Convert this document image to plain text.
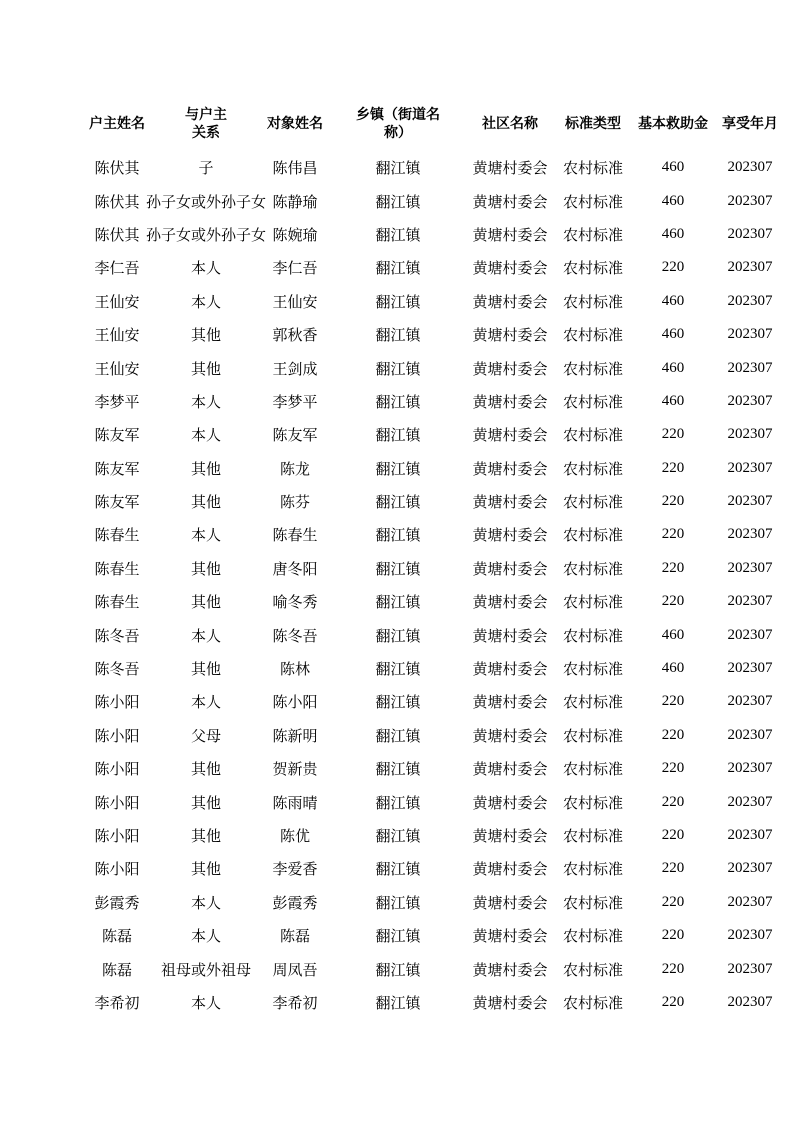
户主姓名	与户主关系	对象姓名	乡镇（街道名称）	社区名称	标准类型	基本救助金	享受年月
陈伏其	子	陈伟昌	翻江镇	黄塘村委会	农村标准	460	202307
陈伏其	孙子女或外孙子女	陈静瑜	翻江镇	黄塘村委会	农村标准	460	202307
陈伏其	孙子女或外孙子女	陈婉瑜	翻江镇	黄塘村委会	农村标准	460	202307
李仁吾	本人	李仁吾	翻江镇	黄塘村委会	农村标准	220	202307
王仙安	本人	王仙安	翻江镇	黄塘村委会	农村标准	460	202307
王仙安	其他	郭秋香	翻江镇	黄塘村委会	农村标准	460	202307
王仙安	其他	王剑成	翻江镇	黄塘村委会	农村标准	460	202307
李梦平	本人	李梦平	翻江镇	黄塘村委会	农村标准	460	202307
陈友军	本人	陈友军	翻江镇	黄塘村委会	农村标准	220	202307
陈友军	其他	陈龙	翻江镇	黄塘村委会	农村标准	220	202307
陈友军	其他	陈芬	翻江镇	黄塘村委会	农村标准	220	202307
陈春生	本人	陈春生	翻江镇	黄塘村委会	农村标准	220	202307
陈春生	其他	唐冬阳	翻江镇	黄塘村委会	农村标准	220	202307
陈春生	其他	喻冬秀	翻江镇	黄塘村委会	农村标准	220	202307
陈冬吾	本人	陈冬吾	翻江镇	黄塘村委会	农村标准	460	202307
陈冬吾	其他	陈林	翻江镇	黄塘村委会	农村标准	460	202307
陈小阳	本人	陈小阳	翻江镇	黄塘村委会	农村标准	220	202307
陈小阳	父母	陈新明	翻江镇	黄塘村委会	农村标准	220	202307
陈小阳	其他	贺新贵	翻江镇	黄塘村委会	农村标准	220	202307
陈小阳	其他	陈雨晴	翻江镇	黄塘村委会	农村标准	220	202307
陈小阳	其他	陈优	翻江镇	黄塘村委会	农村标准	220	202307
陈小阳	其他	李爱香	翻江镇	黄塘村委会	农村标准	220	202307
彭霞秀	本人	彭霞秀	翻江镇	黄塘村委会	农村标准	220	202307
陈磊	本人	陈磊	翻江镇	黄塘村委会	农村标准	220	202307
陈磊	祖母或外祖母	周凤吾	翻江镇	黄塘村委会	农村标准	220	202307
李希初	本人	李希初	翻江镇	黄塘村委会	农村标准	220	202307
